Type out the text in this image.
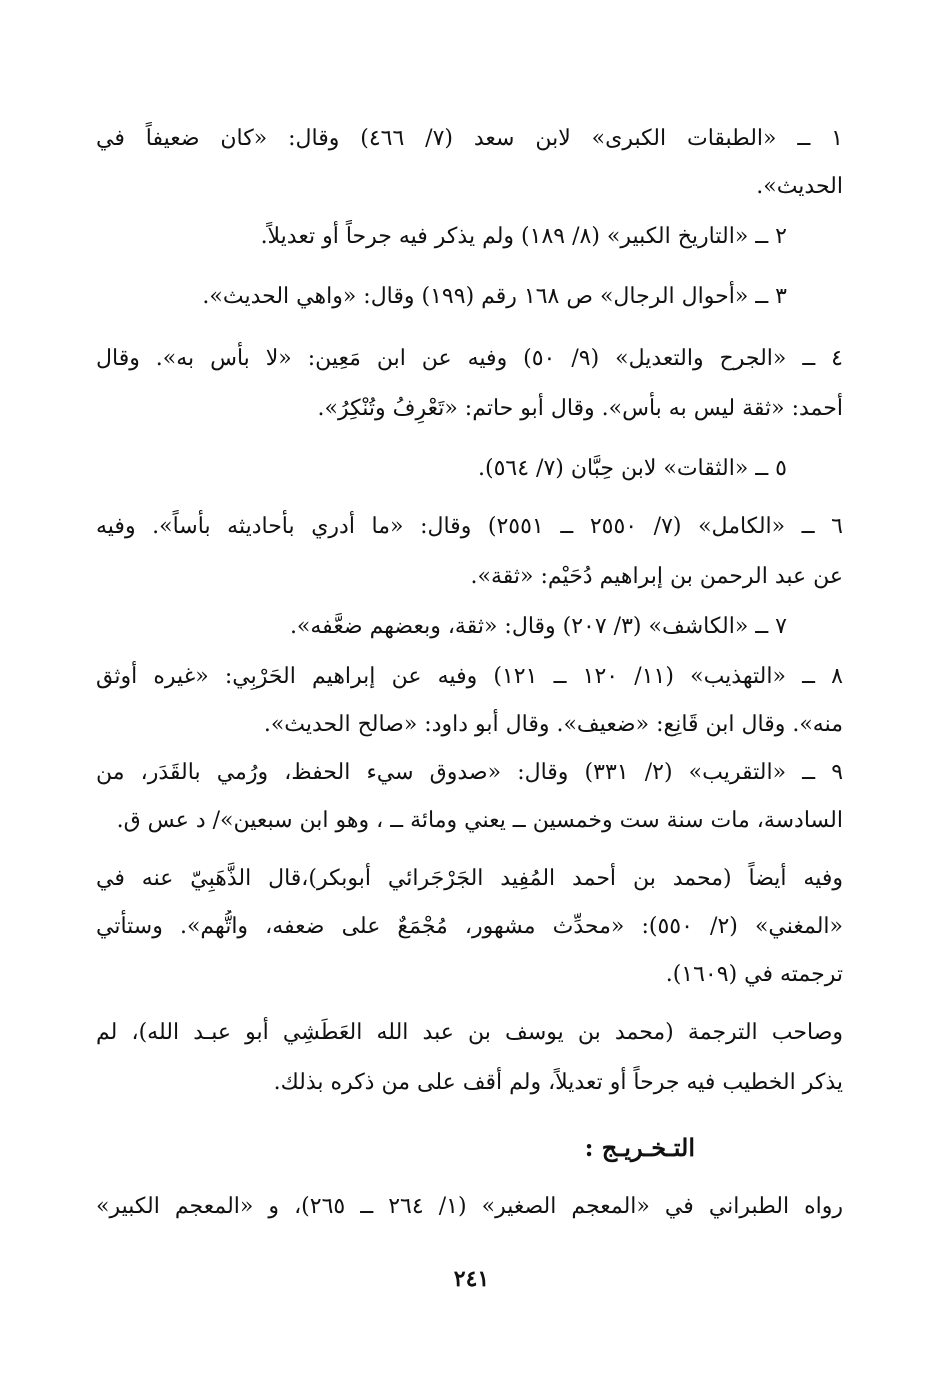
١ ــ «الطبقات الكبرى» لابن سعد (٧/ ٤٦٦) وقال: «كان ضعيفاً في
الحديث».
٢ ــ «التاريخ الكبير» (٨/ ١٨٩) ولم يذكر فيه جرحاً أو تعديلاً.
٣ ــ «أحوال الرجال» ص ١٦٨ رقم (١٩٩) وقال: «واهي الحديث».
٤ ــ «الجرح والتعديل» (٩/ ٥٠) وفيه عن ابن مَعِين: «لا بأس به». وقال
أحمد: «ثقة ليس به بأس». وقال أبو حاتم: «تَعْرِفُ وتُنْكِرُ».
٥ ــ «الثقات» لابن حِبَّان (٧/ ٥٦٤).
٦ ــ «الكامل» (٧/ ٢٥٥٠ ــ ٢٥٥١) وقال: «ما أدري بأحاديثه بأساً». وفيه
عن عبد الرحمن بن إبراهيم دُحَيْم: «ثقة».
٧ ــ «الكاشف» (٣/ ٢٠٧) وقال: «ثقة، وبعضهم ضعَّفه».
٨ ــ «التهذيب» (١١/ ١٢٠ ــ ١٢١) وفيه عن إبراهيم الحَرْبِي: «غيره أوثق
منه». وقال ابن قَانِع: «ضعيف». وقال أبو داود: «صالح الحديث».
٩ ــ «التقريب» (٢/ ٣٣١) وقال: «صدوق سيء الحفظ، ورُمي بالقَدَر، من
السادسة، مات سنة ست وخمسين ــ يعني ومائة ــ ، وهو ابن سبعين»/ د عس ق.
وفيه أيضاً (محمد بن أحمد المُفِيد الجَرْجَرائي أبوبكر)،قال الذَّهَبِيّ عنه في
«المغني» (٢/ ٥٥٠): «محدِّث مشهور، مُجْمَعٌ على ضعفه، واتُّهم». وستأتي
ترجمته في (١٦٠٩).
وصاحب الترجمة (محمد بن يوسف بن عبد الله العَطَشِي أبو عبـد الله)، لم
يذكر الخطيب فيه جرحاً أو تعديلاً، ولم أقف على من ذكره بذلك.
التـخـريـج :
رواه الطبراني في «المعجم الصغير» (١/ ٢٦٤ ــ ٢٦٥)، و «المعجم الكبير»
٢٤١
